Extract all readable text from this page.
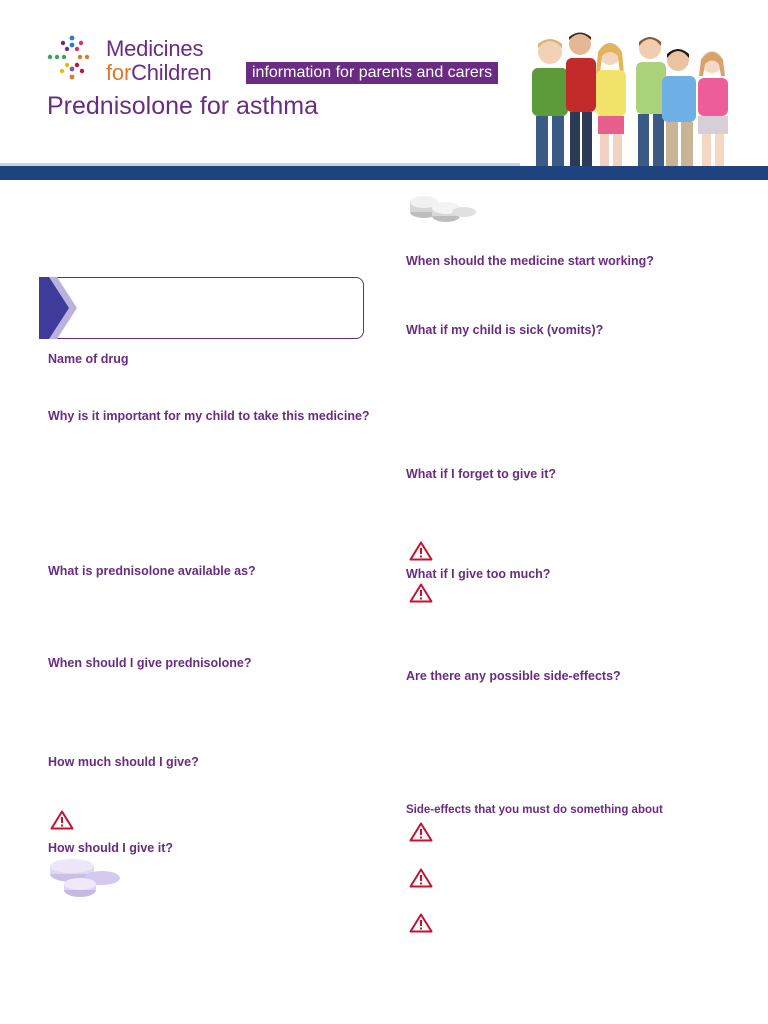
Medicines
forChildren	information for parents and carers
Prednisolone for asthma
Name of drug
Why is it important for my child to take this medicine?
What is prednisolone available as?
When should I give prednisolone?
How much should I give?
How should I give it?
When should the medicine start working?
What if my child is sick (vomits)?
What if I forget to give it?
What if I give too much?
Are there any possible side-effects?
Side-effects that you must do something about
